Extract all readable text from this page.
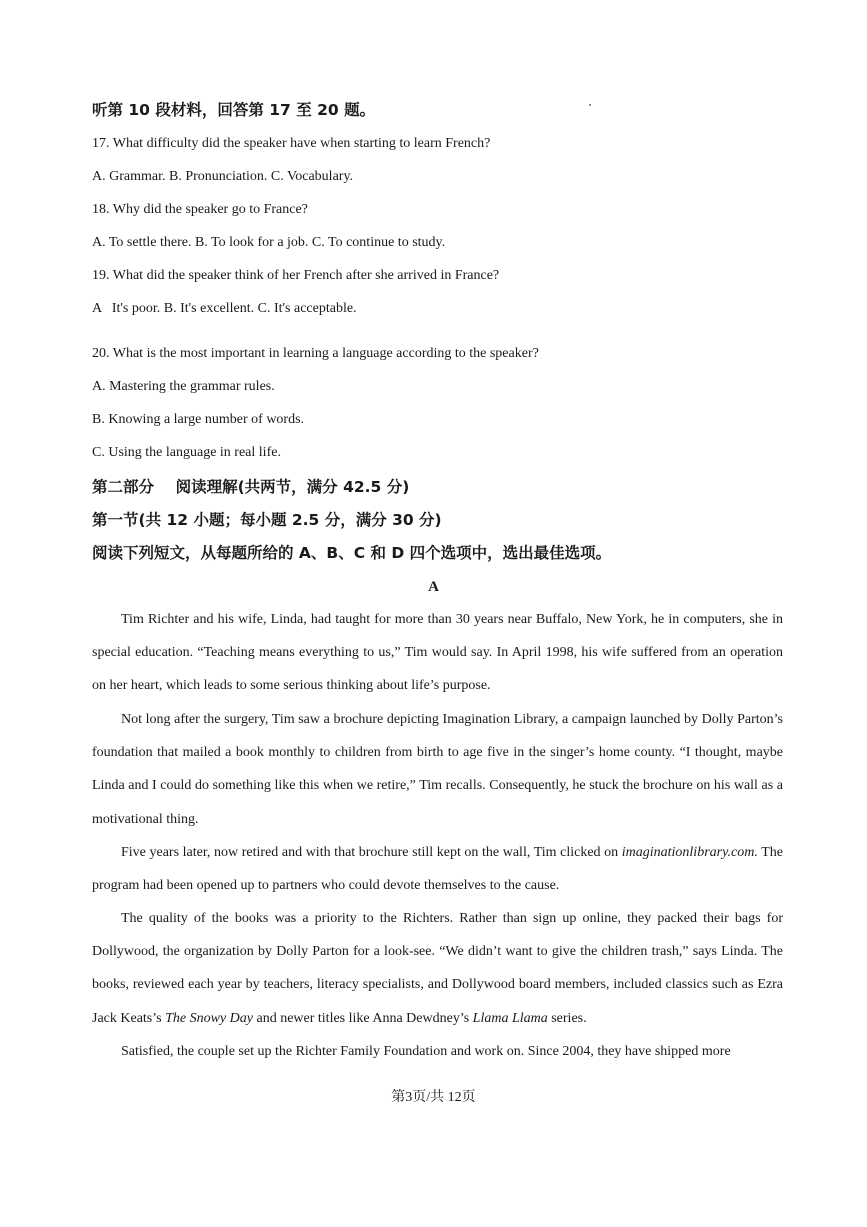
听第 10 段材料，回答第 17 至 20 题。
17. What difficulty did the speaker have when starting to learn French?
A. Grammar. B. Pronunciation. C. Vocabulary.
18. Why did the speaker go to France?
A. To settle there. B. To look for a job. C. To continue to study.
19. What did the speaker think of her French after she arrived in France?
A   It's poor. B. It's excellent. C. It's acceptable.
20. What is the most important in learning a language according to the speaker?
A. Mastering the grammar rules.
B. Knowing a large number of words.
C. Using the language in real life.
第二部分    阅读理解(共两节，满分 42.5 分)
第一节(共 12 小题；每小题 2.5 分，满分 30 分)
阅读下列短文，从每题所给的 A、B、C 和 D 四个选项中，选出最佳选项。
A
Tim Richter and his wife, Linda, had taught for more than 30 years near Buffalo, New York, he in computers, she in special education. “Teaching means everything to us,” Tim would say. In April 1998, his wife suffered from an operation on her heart, which leads to some serious thinking about life’s purpose.
Not long after the surgery, Tim saw a brochure depicting Imagination Library, a campaign launched by Dolly Parton’s foundation that mailed a book monthly to children from birth to age five in the singer’s home county. “I thought, maybe Linda and I could do something like this when we retire,” Tim recalls. Consequently, he stuck the brochure on his wall as a motivational thing.
Five years later, now retired and with that brochure still kept on the wall, Tim clicked on imaginationlibrary.com. The program had been opened up to partners who could devote themselves to the cause.
The quality of the books was a priority to the Richters. Rather than sign up online, they packed their bags for Dollywood, the organization by Dolly Parton for a look-see. “We didn’t want to give the children trash,” says Linda. The books, reviewed each year by teachers, literacy specialists, and Dollywood board members, included classics such as Ezra Jack Keats’s The Snowy Day and newer titles like Anna Dewdney’s Llama Llama series.
Satisfied, the couple set up the Richter Family Foundation and work on. Since 2004, they have shipped more
第3页/共 12页
